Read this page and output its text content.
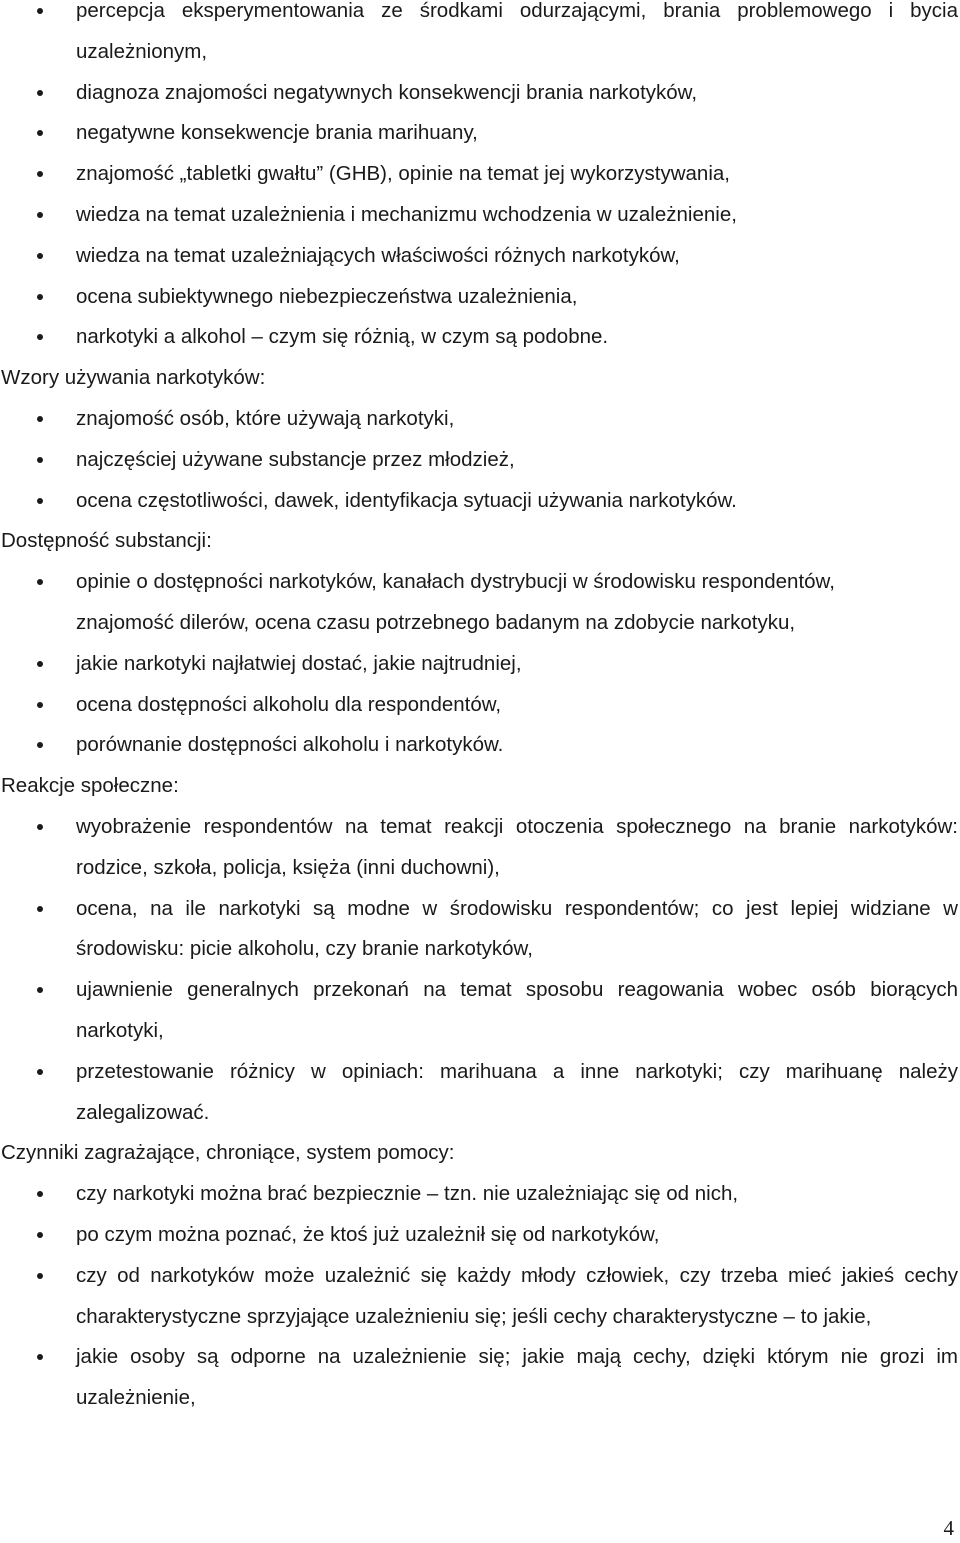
percepcja eksperymentowania ze środkami odurzającymi, brania problemowego i bycia uzależnionym,
diagnoza znajomości negatywnych konsekwencji brania narkotyków,
negatywne konsekwencje brania marihuany,
znajomość „tabletki gwałtu” (GHB), opinie na temat jej wykorzystywania,
wiedza na temat uzależnienia i mechanizmu wchodzenia w uzależnienie,
wiedza na temat uzależniających właściwości różnych narkotyków,
ocena subiektywnego niebezpieczeństwa uzależnienia,
narkotyki a alkohol – czym się różnią, w czym są podobne.

Wzory używania narkotyków:

znajomość osób, które używają narkotyki,
najczęściej używane substancje przez młodzież,
ocena częstotliwości, dawek, identyfikacja sytuacji używania narkotyków.

Dostępność substancji:

opinie o dostępności narkotyków, kanałach dystrybucji w środowisku respondentów,
znajomość dilerów, ocena czasu potrzebnego badanym na zdobycie narkotyku,
jakie narkotyki najłatwiej dostać, jakie najtrudniej,
ocena dostępności alkoholu dla respondentów,
porównanie dostępności alkoholu i narkotyków.

Reakcje społeczne:

wyobrażenie respondentów na temat reakcji otoczenia społecznego na branie narkotyków: rodzice, szkoła, policja, księża (inni duchowni),
ocena, na ile narkotyki są modne w środowisku respondentów; co jest lepiej widziane w środowisku: picie alkoholu, czy branie narkotyków,
ujawnienie generalnych przekonań na temat sposobu reagowania wobec osób biorących narkotyki,
przetestowanie różnicy w opiniach: marihuana a inne narkotyki; czy marihuanę należy zalegalizować.

Czynniki zagrażające, chroniące, system pomocy:

czy narkotyki można brać bezpiecznie – tzn. nie uzależniając się od nich,
po czym można poznać, że ktoś już uzależnił się od narkotyków,
czy od narkotyków może uzależnić się każdy młody człowiek, czy trzeba mieć jakieś cechy charakterystyczne sprzyjające uzależnieniu się; jeśli cechy charakterystyczne – to jakie,
jakie osoby są odporne na uzależnienie się; jakie mają cechy, dzięki którym nie grozi im uzależnienie,
4
